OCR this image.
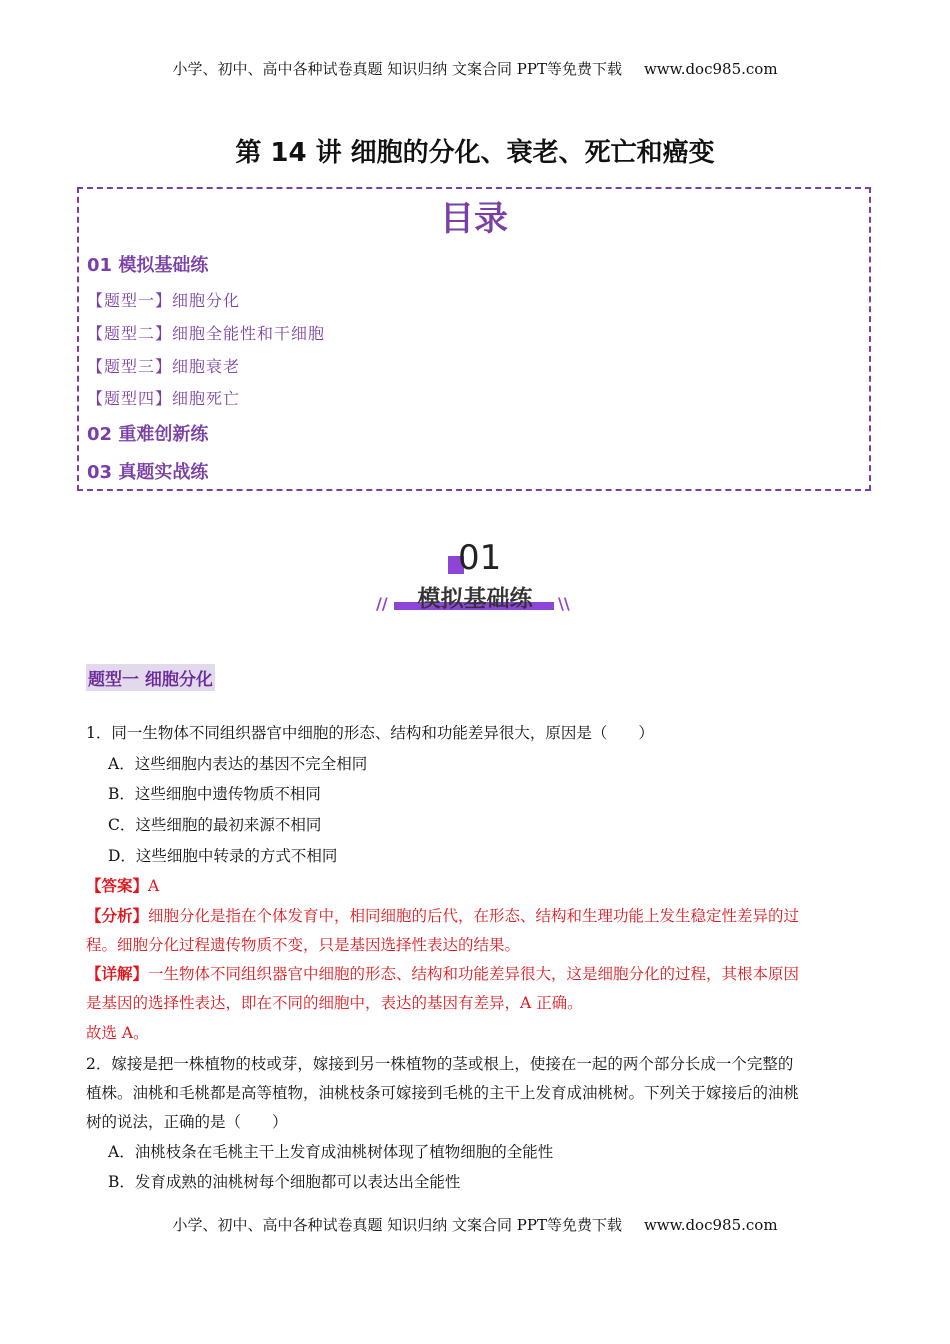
小学、初中、高中各种试卷真题 知识归纳 文案合同 PPT等免费下载 www.doc985.com
第 14 讲 细胞的分化、衰老、死亡和癌变
目录
01 模拟基础练
【题型一】细胞分化
【题型二】细胞全能性和干细胞
【题型三】细胞衰老
【题型四】细胞死亡
02 重难创新练
03 真题实战练
01
//	\\
模拟基础练
题型一 细胞分化
1．同一生物体不同组织器官中细胞的形态、结构和功能差异很大，原因是（　　）
A．这些细胞内表达的基因不完全相同
B．这些细胞中遗传物质不相同
C．这些细胞的最初来源不相同
D．这些细胞中转录的方式不相同
【答案】A
【分析】细胞分化是指在个体发育中，相同细胞的后代，在形态、结构和生理功能上发生稳定性差异的过
程。细胞分化过程遗传物质不变，只是基因选择性表达的结果。
【详解】一生物体不同组织器官中细胞的形态、结构和功能差异很大，这是细胞分化的过程，其根本原因
是基因的选择性表达，即在不同的细胞中，表达的基因有差异，A 正确。
故选 A。
2．嫁接是把一株植物的枝或芽，嫁接到另一株植物的茎或根上，使接在一起的两个部分长成一个完整的
植株。油桃和毛桃都是高等植物，油桃枝条可嫁接到毛桃的主干上发育成油桃树。下列关于嫁接后的油桃
树的说法，正确的是（　　）
A．油桃枝条在毛桃主干上发育成油桃树体现了植物细胞的全能性
B．发育成熟的油桃树每个细胞都可以表达出全能性
小学、初中、高中各种试卷真题 知识归纳 文案合同 PPT等免费下载 www.doc985.com
